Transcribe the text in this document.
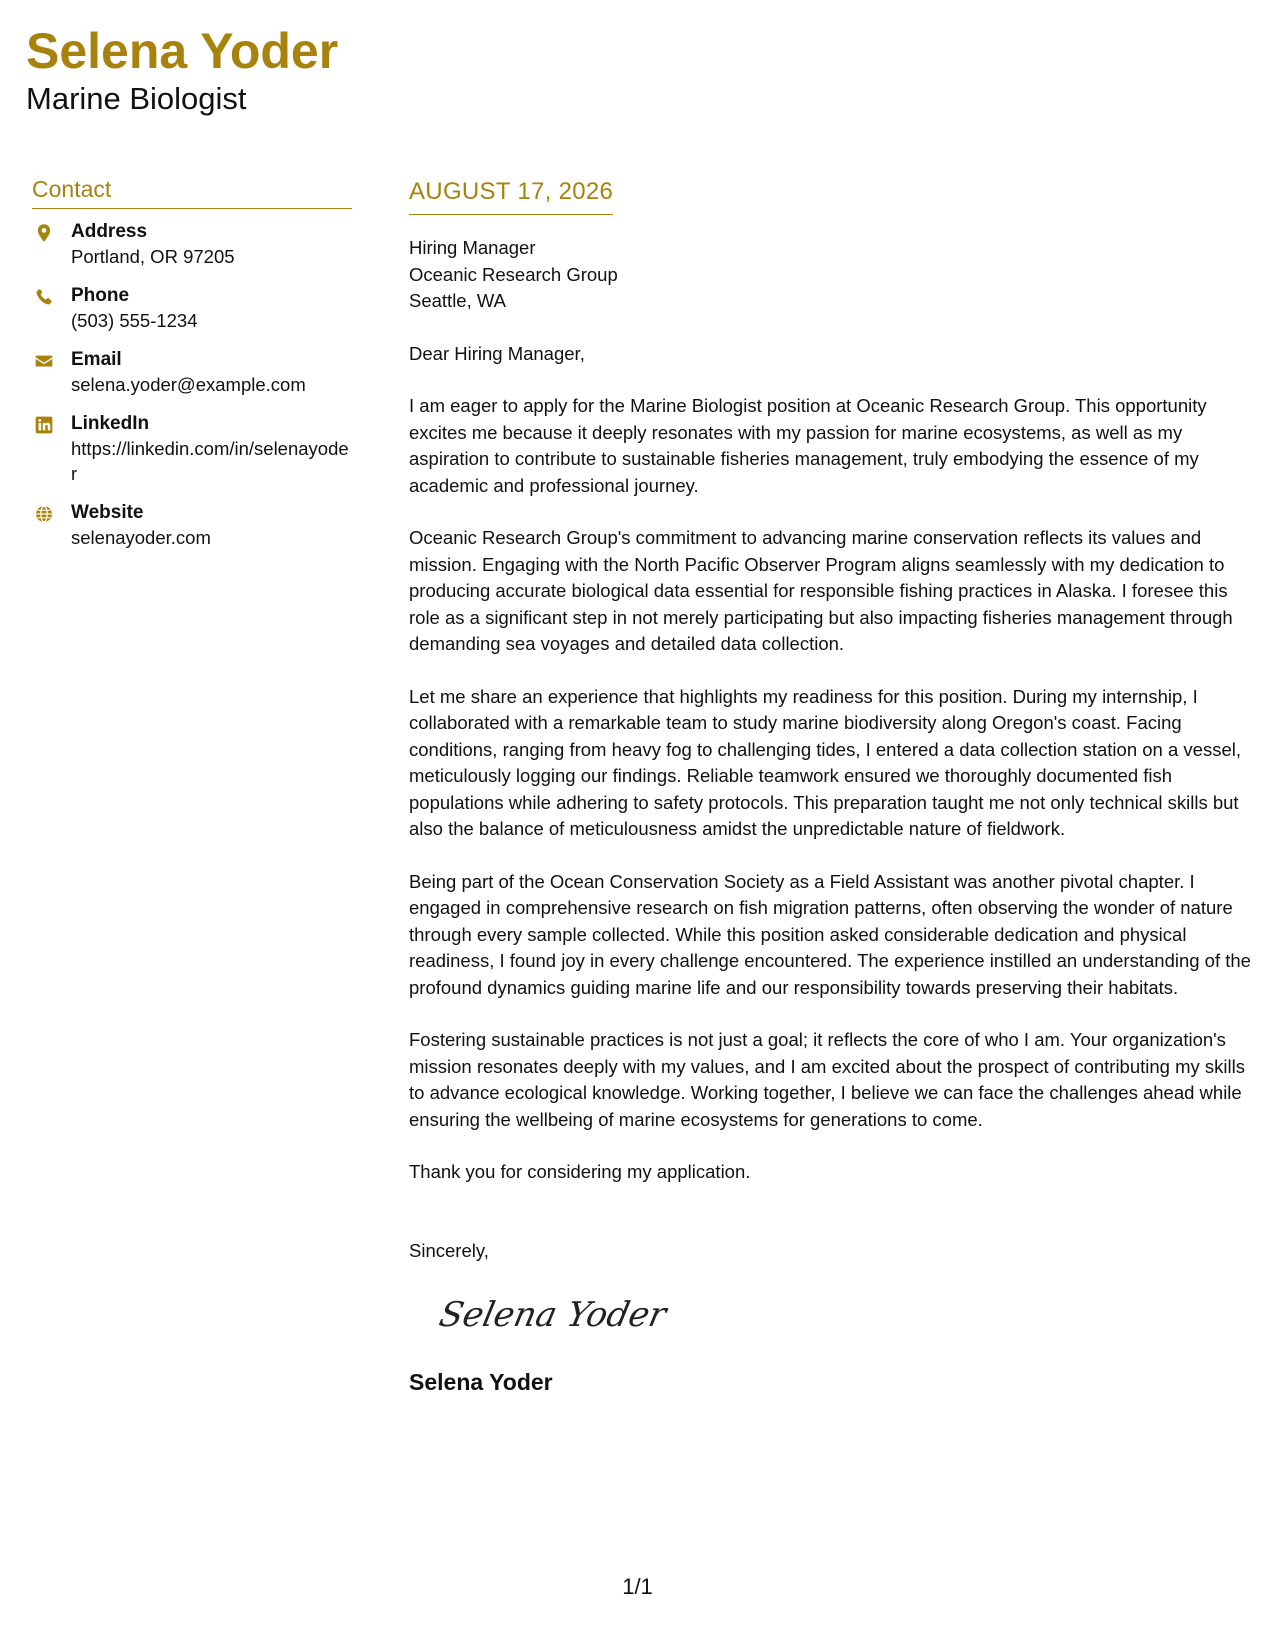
Selena Yoder
Marine Biologist
Contact
Address
Portland, OR 97205
Phone
(503) 555-1234
Email
selena.yoder@example.com
LinkedIn
https://linkedin.com/in/selenayoder
Website
selenayoder.com
AUGUST 17, 2026
Hiring Manager
Oceanic Research Group
Seattle, WA
Dear Hiring Manager,
I am eager to apply for the Marine Biologist position at Oceanic Research Group. This opportunity excites me because it deeply resonates with my passion for marine ecosystems, as well as my aspiration to contribute to sustainable fisheries management, truly embodying the essence of my academic and professional journey.
Oceanic Research Group's commitment to advancing marine conservation reflects its values and mission. Engaging with the North Pacific Observer Program aligns seamlessly with my dedication to producing accurate biological data essential for responsible fishing practices in Alaska. I foresee this role as a significant step in not merely participating but also impacting fisheries management through demanding sea voyages and detailed data collection.
Let me share an experience that highlights my readiness for this position. During my internship, I collaborated with a remarkable team to study marine biodiversity along Oregon's coast. Facing conditions, ranging from heavy fog to challenging tides, I entered a data collection station on a vessel, meticulously logging our findings. Reliable teamwork ensured we thoroughly documented fish populations while adhering to safety protocols. This preparation taught me not only technical skills but also the balance of meticulousness amidst the unpredictable nature of fieldwork.
Being part of the Ocean Conservation Society as a Field Assistant was another pivotal chapter. I engaged in comprehensive research on fish migration patterns, often observing the wonder of nature through every sample collected. While this position asked considerable dedication and physical readiness, I found joy in every challenge encountered. The experience instilled an understanding of the profound dynamics guiding marine life and our responsibility towards preserving their habitats.
Fostering sustainable practices is not just a goal; it reflects the core of who I am. Your organization's mission resonates deeply with my values, and I am excited about the prospect of contributing my skills to advance ecological knowledge. Working together, I believe we can face the challenges ahead while ensuring the wellbeing of marine ecosystems for generations to come.
Thank you for considering my application.
Sincerely,
Selena Yoder
Selena Yoder
1/1
